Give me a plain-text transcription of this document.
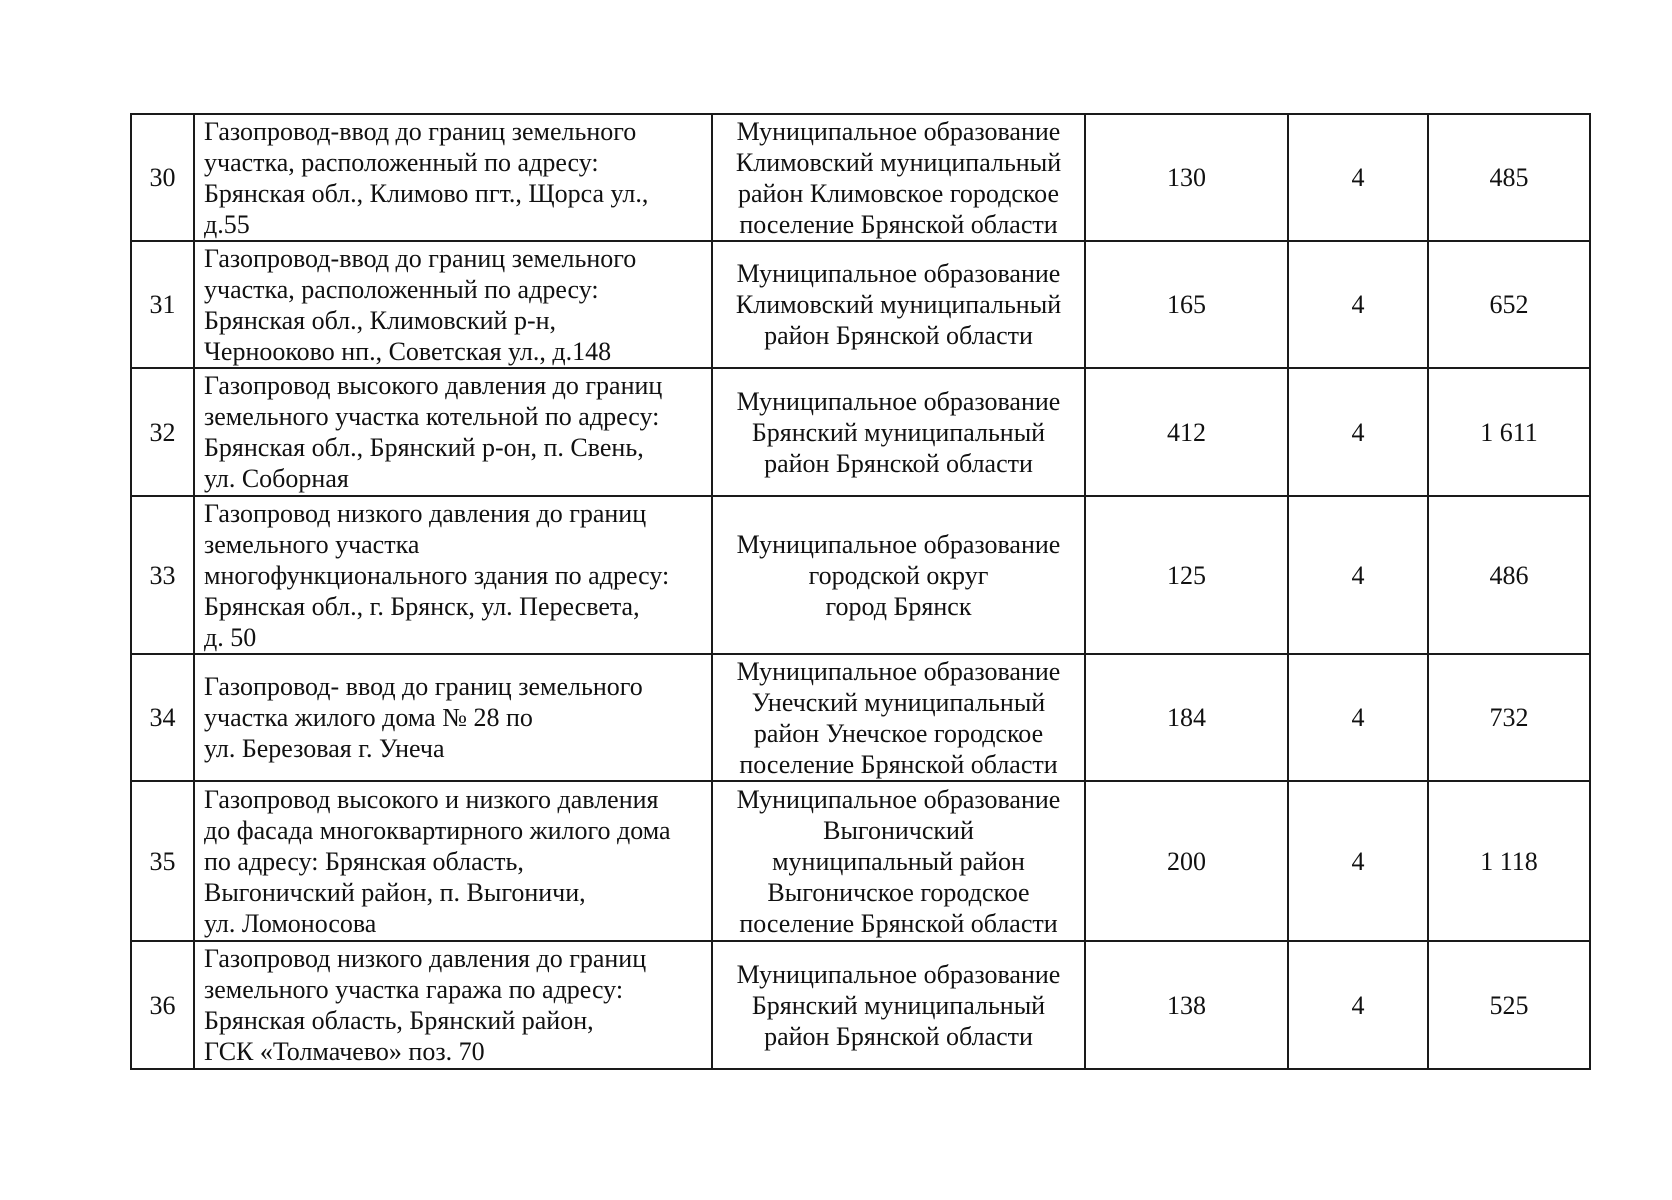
30	Газопровод-ввод до границ земельного
участка, расположенный по адресу:
Брянская обл., Климово пгт., Щорса ул.,
д.55	Муниципальное образование
Климовский муниципальный
район Климовское городское
поселение Брянской области	130	4	485
31	Газопровод-ввод до границ земельного
участка, расположенный по адресу:
Брянская обл., Климовский р-н,
Чернооково нп., Советская ул., д.148	Муниципальное образование
Климовский муниципальный
район Брянской области	165	4	652
32	Газопровод высокого давления до границ
земельного участка котельной по адресу:
Брянская обл., Брянский р-он, п. Свень,
ул. Соборная	Муниципальное образование
Брянский муниципальный
район Брянской области	412	4	1 611
33	Газопровод низкого давления до границ
земельного участка
многофункционального здания по адресу:
Брянская обл., г. Брянск, ул. Пересвета,
д. 50	Муниципальное образование
городской округ
город Брянск	125	4	486
34	Газопровод- ввод до границ земельного
участка жилого дома № 28 по
ул. Березовая г. Унеча	Муниципальное образование
Унечский муниципальный
район Унечское городское
поселение Брянской области	184	4	732
35	Газопровод высокого и низкого давления
до фасада многоквартирного жилого дома
по адресу: Брянская область,
Выгоничский район, п. Выгоничи,
ул. Ломоносова	Муниципальное образование
Выгоничский
муниципальный район
Выгоничское городское
поселение Брянской области	200	4	1 118
36	Газопровод низкого давления до границ
земельного участка гаража по адресу:
Брянская область, Брянский район,
ГСК «Толмачево» поз. 70	Муниципальное образование
Брянский муниципальный
район Брянской области	138	4	525
